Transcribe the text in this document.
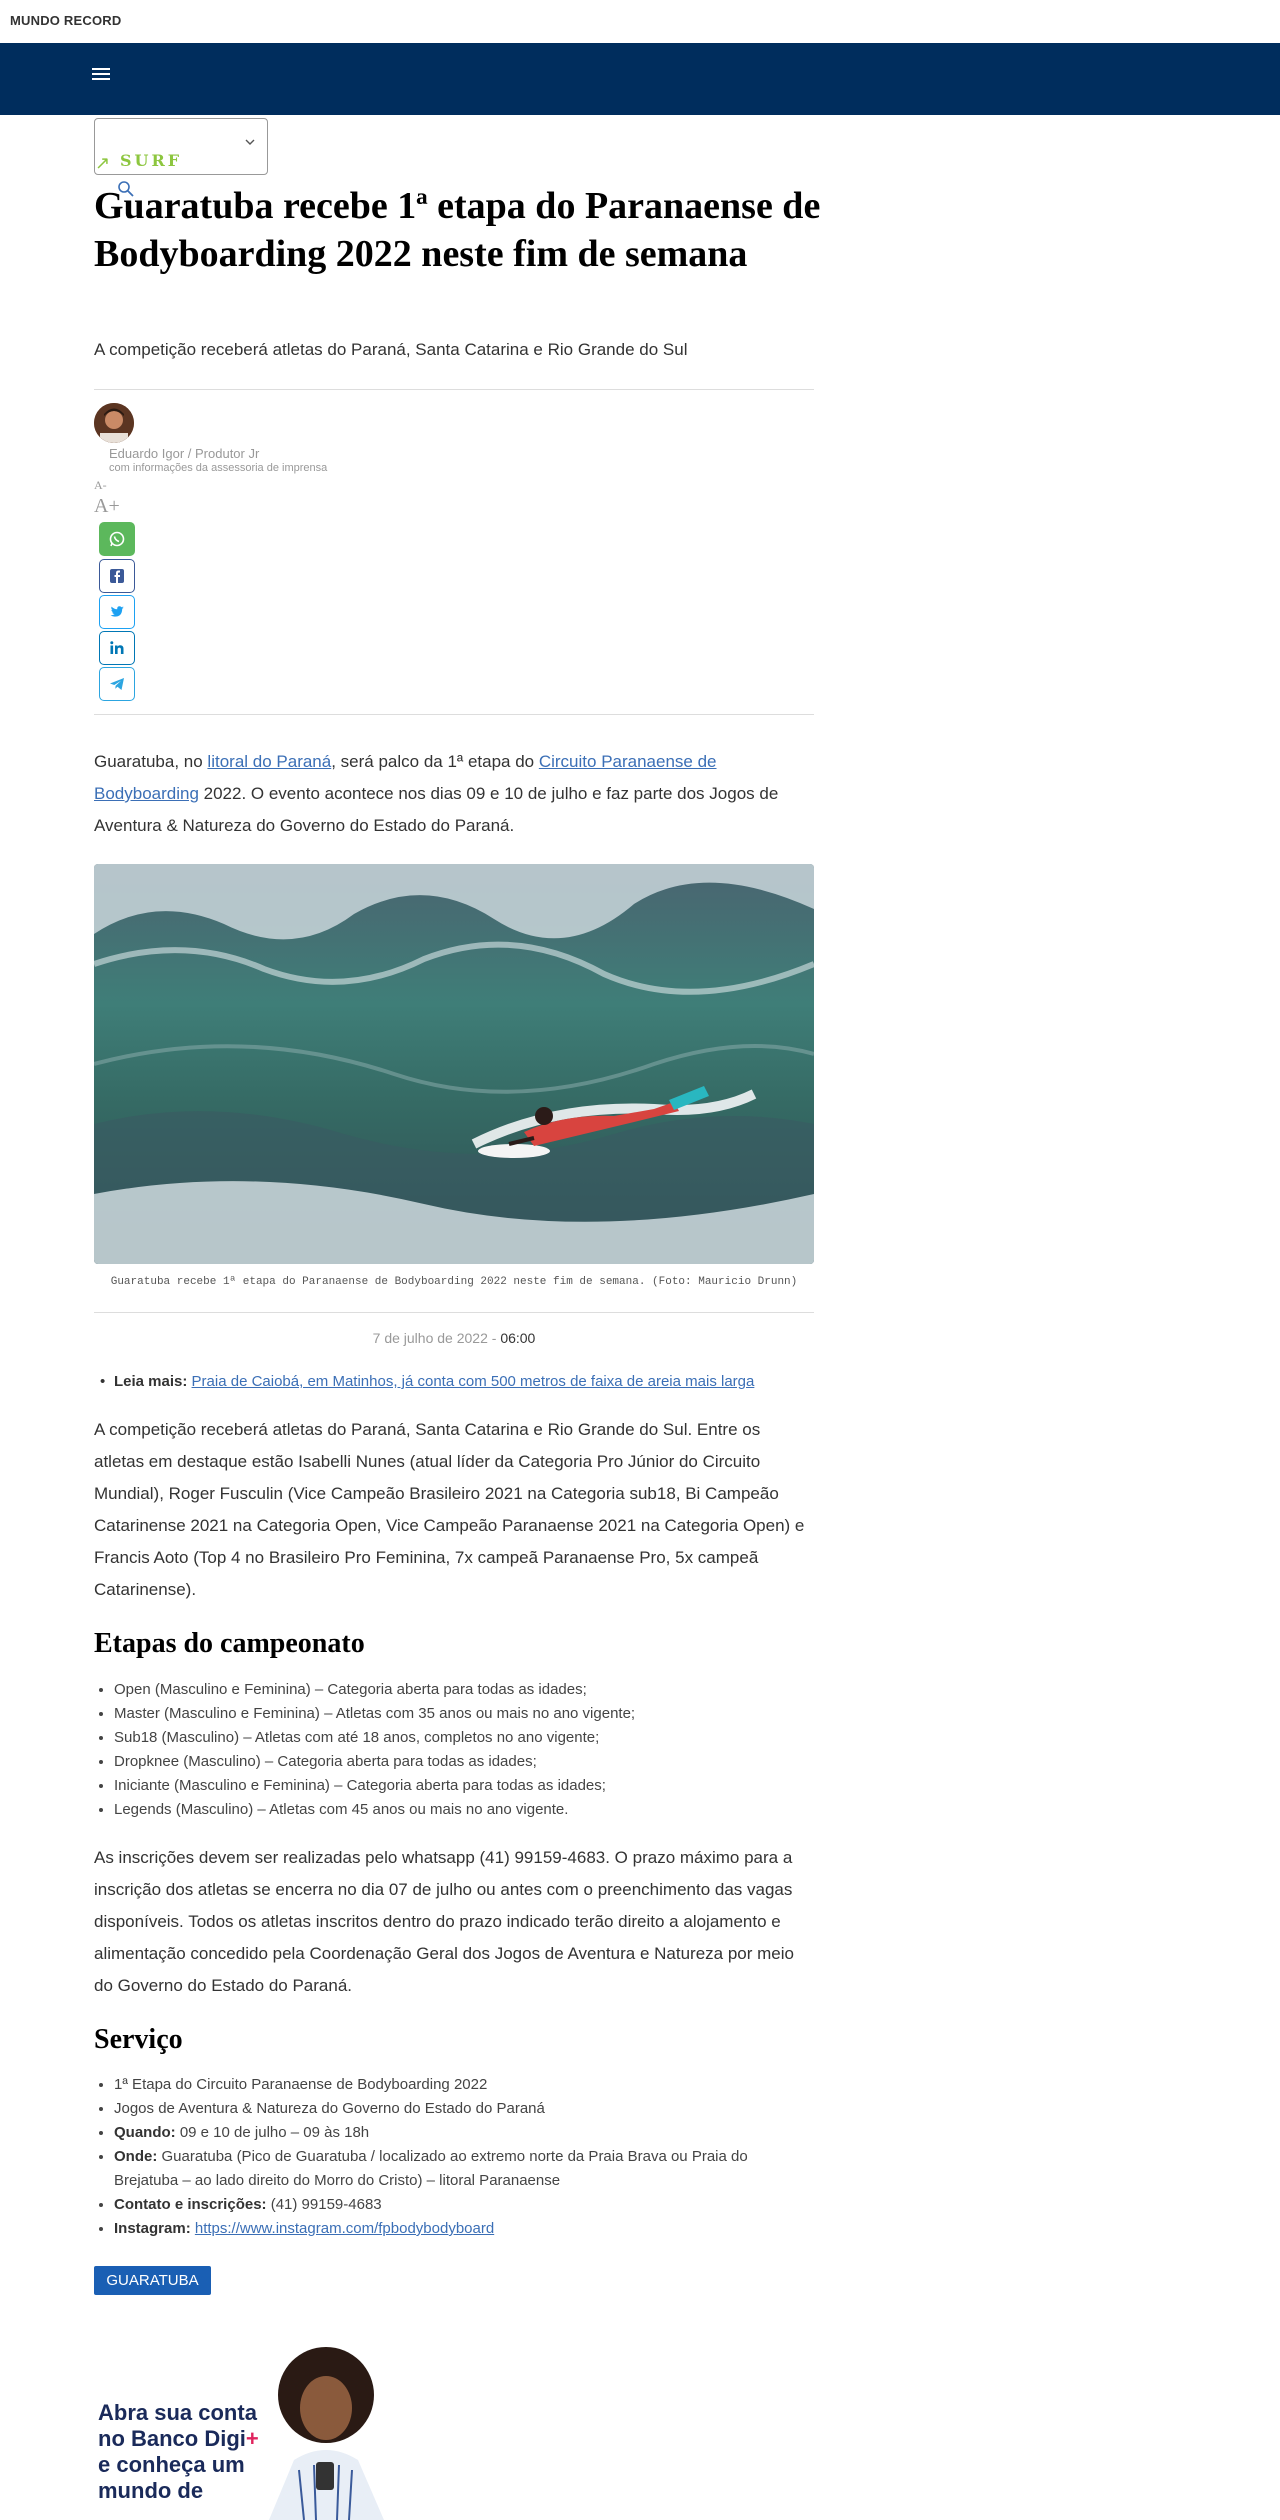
MUNDO RECORD
↗ SURF
Guaratuba recebe 1ª etapa do Paranaense de Bodyboarding 2022 neste fim de semana
A competição receberá atletas do Paraná, Santa Catarina e Rio Grande do Sul
Eduardo Igor / Produtor Jr
com informações da assessoria de imprensa
A-
A+
Guaratuba, no litoral do Paraná, será palco da 1ª etapa do Circuito Paranaense de Bodyboarding 2022. O evento acontece nos dias 09 e 10 de julho e faz parte dos Jogos de Aventura & Natureza do Governo do Estado do Paraná.
Guaratuba recebe 1ª etapa do Paranaense de Bodyboarding 2022 neste fim de semana. (Foto: Mauricio Drunn)
7 de julho de 2022 - 06:00
• Leia mais: Praia de Caiobá, em Matinhos, já conta com 500 metros de faixa de areia mais larga
A competição receberá atletas do Paraná, Santa Catarina e Rio Grande do Sul. Entre os atletas em destaque estão Isabelli Nunes (atual líder da Categoria Pro Júnior do Circuito Mundial), Roger Fusculin (Vice Campeão Brasileiro 2021 na Categoria sub18, Bi Campeão Catarinense 2021 na Categoria Open, Vice Campeão Paranaense 2021 na Categoria Open) e Francis Aoto (Top 4 no Brasileiro Pro Feminina, 7x campeã Paranaense Pro, 5x campeã Catarinense).
Etapas do campeonato
• Open (Masculino e Feminina) – Categoria aberta para todas as idades;
• Master (Masculino e Feminina) – Atletas com 35 anos ou mais no ano vigente;
• Sub18 (Masculino) – Atletas com até 18 anos, completos no ano vigente;
• Dropknee (Masculino) – Categoria aberta para todas as idades;
• Iniciante (Masculino e Feminina) – Categoria aberta para todas as idades;
• Legends (Masculino) – Atletas com 45 anos ou mais no ano vigente.
As inscrições devem ser realizadas pelo whatsapp (41) 99159-4683. O prazo máximo para a inscrição dos atletas se encerra no dia 07 de julho ou antes com o preenchimento das vagas disponíveis. Todos os atletas inscritos dentro do prazo indicado terão direito a alojamento e alimentação concedido pela Coordenação Geral dos Jogos de Aventura e Natureza por meio do Governo do Estado do Paraná.
Serviço
• 1ª Etapa do Circuito Paranaense de Bodyboarding 2022
• Jogos de Aventura & Natureza do Governo do Estado do Paraná
• Quando: 09 e 10 de julho – 09 às 18h
• Onde: Guaratuba (Pico de Guaratuba / localizado ao extremo norte da Praia Brava ou Praia do Brejatuba – ao lado direito do Morro do Cristo) – litoral Paranaense
• Contato e inscrições: (41) 99159-4683
• Instagram: https://www.instagram.com/fpbodybodyboard
GUARATUBA
Abra sua conta
no Banco Digi+
e conheça um
mundo de
